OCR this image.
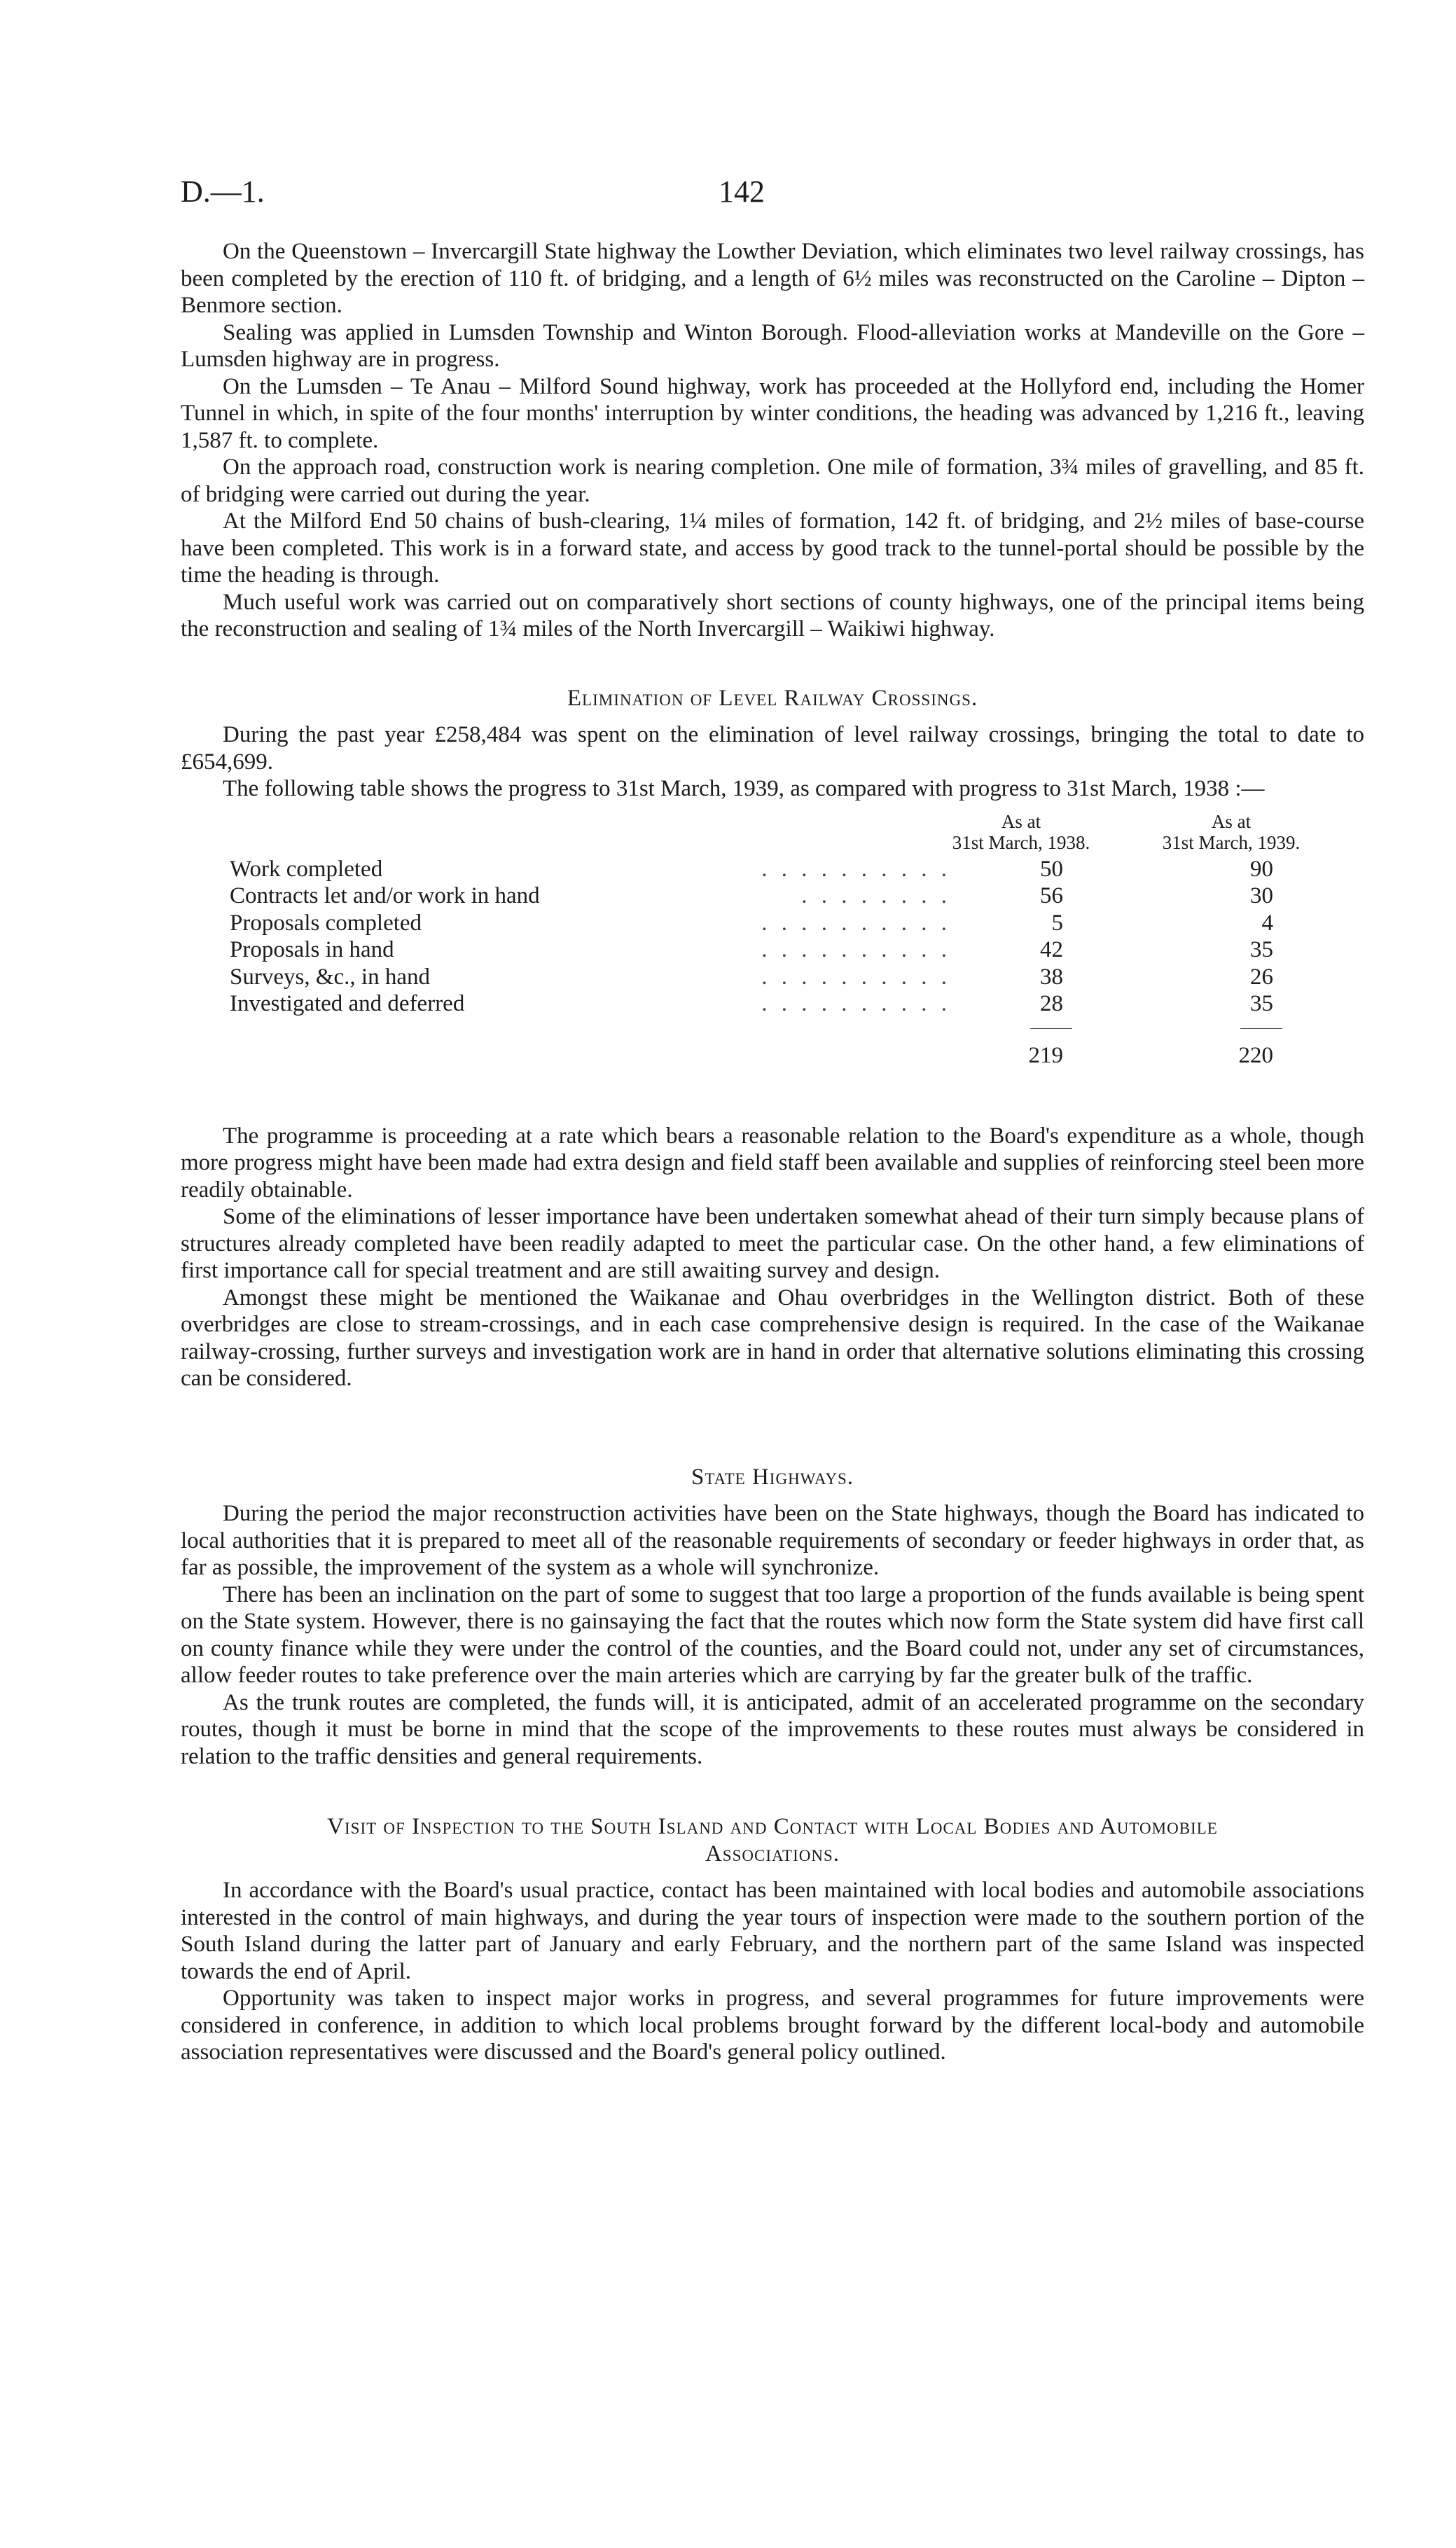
D.—1.	142

On the Queenstown – Invercargill State highway the Lowther Deviation, which eliminates two level railway crossings, has been completed by the erection of 110 ft. of bridging, and a length of 6½ miles was reconstructed on the Caroline – Dipton – Benmore section.

Sealing was applied in Lumsden Township and Winton Borough. Flood-alleviation works at Mandeville on the Gore – Lumsden highway are in progress.

On the Lumsden – Te Anau – Milford Sound highway, work has proceeded at the Hollyford end, including the Homer Tunnel in which, in spite of the four months' interruption by winter conditions, the heading was advanced by 1,216 ft., leaving 1,587 ft. to complete.

On the approach road, construction work is nearing completion. One mile of formation, 3¾ miles of gravelling, and 85 ft. of bridging were carried out during the year.

At the Milford End 50 chains of bush-clearing, 1¼ miles of formation, 142 ft. of bridging, and 2½ miles of base-course have been completed. This work is in a forward state, and access by good track to the tunnel-portal should be possible by the time the heading is through.

Much useful work was carried out on comparatively short sections of county highways, one of the principal items being the reconstruction and sealing of 1¾ miles of the North Invercargill – Waikiwi highway.

Elimination of Level Railway Crossings.

During the past year £258,484 was spent on the elimination of level railway crossings, bringing the total to date to £654,699.

The following table shows the progress to 31st March, 1939, as compared with progress to 31st March, 1938 :—

As at
31st March, 1938.
As at
31st March, 1939.
Work completed	. . . . . . . . . .	50	90
Contracts let and/or work in hand	. . . . . . . .	56	30
Proposals completed	. . . . . . . . . .	5	4
Proposals in hand	. . . . . . . . . .	42	35
Surveys, &c., in hand	. . . . . . . . . .	38	26
Investigated and deferred	. . . . . . . . . .	28	35
219	220

The programme is proceeding at a rate which bears a reasonable relation to the Board's expenditure as a whole, though more progress might have been made had extra design and field staff been available and supplies of reinforcing steel been more readily obtainable.

Some of the eliminations of lesser importance have been undertaken somewhat ahead of their turn simply because plans of structures already completed have been readily adapted to meet the particular case. On the other hand, a few eliminations of first importance call for special treatment and are still awaiting survey and design.

Amongst these might be mentioned the Waikanae and Ohau overbridges in the Wellington district. Both of these overbridges are close to stream-crossings, and in each case comprehensive design is required. In the case of the Waikanae railway-crossing, further surveys and investigation work are in hand in order that alternative solutions eliminating this crossing can be considered.

State Highways.

During the period the major reconstruction activities have been on the State highways, though the Board has indicated to local authorities that it is prepared to meet all of the reasonable requirements of secondary or feeder highways in order that, as far as possible, the improvement of the system as a whole will synchronize.

There has been an inclination on the part of some to suggest that too large a proportion of the funds available is being spent on the State system. However, there is no gainsaying the fact that the routes which now form the State system did have first call on county finance while they were under the control of the counties, and the Board could not, under any set of circumstances, allow feeder routes to take preference over the main arteries which are carrying by far the greater bulk of the traffic.

As the trunk routes are completed, the funds will, it is anticipated, admit of an accelerated programme on the secondary routes, though it must be borne in mind that the scope of the improvements to these routes must always be considered in relation to the traffic densities and general requirements.

Visit of Inspection to the South Island and Contact with Local Bodies and Automobile
Associations.

In accordance with the Board's usual practice, contact has been maintained with local bodies and automobile associations interested in the control of main highways, and during the year tours of inspection were made to the southern portion of the South Island during the latter part of January and early February, and the northern part of the same Island was inspected towards the end of April.

Opportunity was taken to inspect major works in progress, and several programmes for future improvements were considered in conference, in addition to which local problems brought forward by the different local-body and automobile association representatives were discussed and the Board's general policy outlined.
